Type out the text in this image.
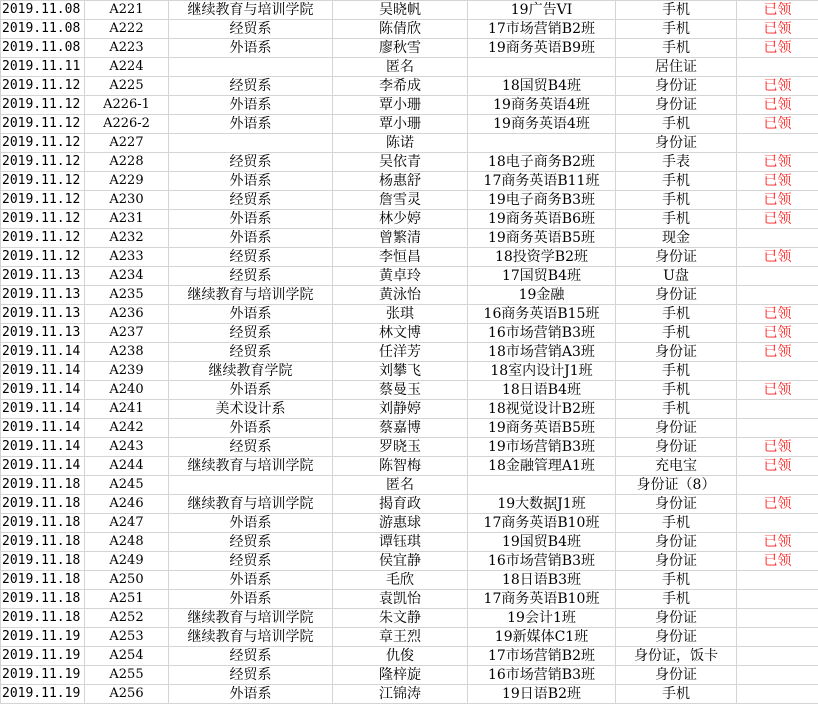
2019.11.08	A221	继续教育与培训学院	吴晓帆	19广告VI	手机	已领
2019.11.08	A222	经贸系	陈倩欣	17市场营销B2班	手机	已领
2019.11.08	A223	外语系	廖秋雪	19商务英语B9班	手机	已领
2019.11.11	A224		匿名		居住证	
2019.11.12	A225	经贸系	李希成	18国贸B4班	身份证	已领
2019.11.12	A226-1	外语系	覃小珊	19商务英语4班	身份证	已领
2019.11.12	A226-2	外语系	覃小珊	19商务英语4班	手机	已领
2019.11.12	A227		陈诺		身份证	
2019.11.12	A228	经贸系	吴依青	18电子商务B2班	手表	已领
2019.11.12	A229	外语系	杨惠舒	17商务英语B11班	手机	已领
2019.11.12	A230	经贸系	詹雪灵	19电子商务B3班	手机	已领
2019.11.12	A231	外语系	林少婷	19商务英语B6班	手机	已领
2019.11.12	A232	外语系	曾繁清	19商务英语B5班	现金	
2019.11.12	A233	经贸系	李恒昌	18投资学B2班	身份证	已领
2019.11.13	A234	经贸系	黄卓玲	17国贸B4班	U盘	
2019.11.13	A235	继续教育与培训学院	黄泳怡	19金融	身份证	
2019.11.13	A236	外语系	张琪	16商务英语B15班	手机	已领
2019.11.13	A237	经贸系	林文博	16市场营销B3班	手机	已领
2019.11.14	A238	经贸系	任洋芳	18市场营销A3班	身份证	已领
2019.11.14	A239	继续教育学院	刘攀飞	18室内设计J1班	手机	
2019.11.14	A240	外语系	蔡曼玉	18日语B4班	手机	已领
2019.11.14	A241	美术设计系	刘静婷	18视觉设计B2班	手机	
2019.11.14	A242	外语系	蔡嘉博	19商务英语B5班	身份证	
2019.11.14	A243	经贸系	罗晓玉	19市场营销B3班	身份证	已领
2019.11.14	A244	继续教育与培训学院	陈智梅	18金融管理A1班	充电宝	已领
2019.11.18	A245		匿名		身份证（8）	
2019.11.18	A246	继续教育与培训学院	揭育政	19大数据J1班	身份证	已领
2019.11.18	A247	外语系	游惠球	17商务英语B10班	手机	
2019.11.18	A248	经贸系	谭钰琪	19国贸B4班	身份证	已领
2019.11.18	A249	经贸系	侯宜静	16市场营销B3班	身份证	已领
2019.11.18	A250	外语系	毛欣	18日语B3班	手机	
2019.11.18	A251	外语系	袁凯怡	17商务英语B10班	手机	
2019.11.18	A252	继续教育与培训学院	朱文静	19会计1班	身份证	
2019.11.19	A253	继续教育与培训学院	章王烈	19新媒体C1班	身份证	
2019.11.19	A254	经贸系	仇俊	17市场营销B2班	身份证，饭卡	
2019.11.19	A255	经贸系	隆梓旋	16市场营销B3班	身份证	
2019.11.19	A256	外语系	江锦涛	19日语B2班	手机	
